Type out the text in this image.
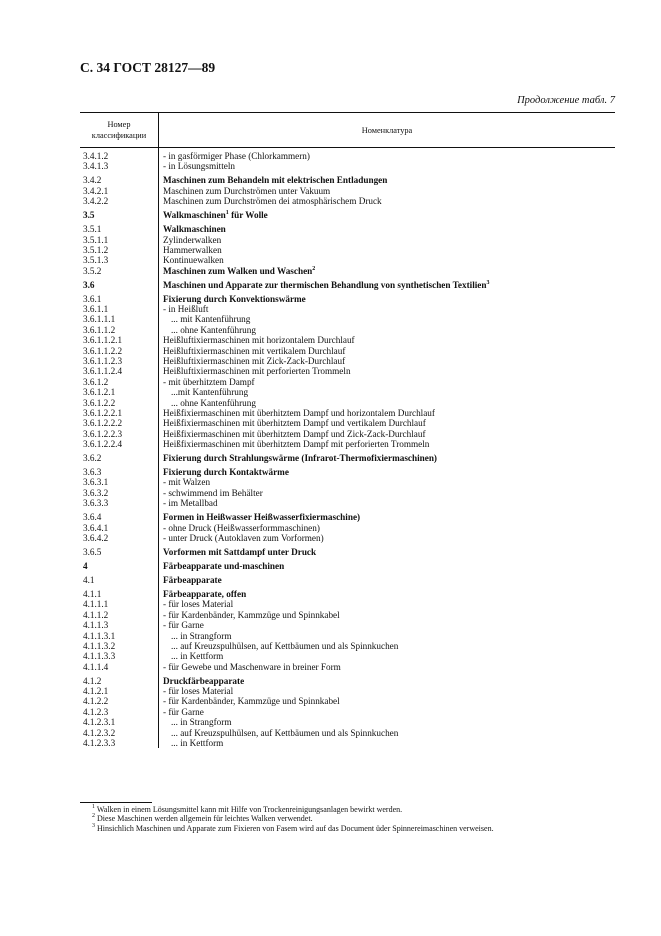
С. 34 ГОСТ 28127—89
Продолжение табл. 7
Номер
классификации
Номенклатура
3.4.1.2
3.4.1.3
3.4.2
3.4.2.1
3.4.2.2
3.5
3.5.1
3.5.1.1
3.5.1.2
3.5.1.3
3.5.2
3.6
3.6.1
3.6.1.1
3.6.1.1.1
3.6.1.1.2
3.6.1.1.2.1
3.6.1.1.2.2
3.6.1.1.2.3
3.6.1.1.2.4
3.6.1.2
3.6.1.2.1
3.6.1.2.2
3.6.1.2.2.1
3.6.1.2.2.2
3.6.1.2.2.3
3.6.1.2.2.4
3.6.2
3.6.3
3.6.3.1
3.6.3.2
3.6.3.3
3.6.4
3.6.4.1
3.6.4.2
3.6.5
4
4.1
4.1.1
4.1.1.1
4.1.1.2
4.1.1.3
4.1.1.3.1
4.1.1.3.2
4.1.1.3.3
4.1.1.4
4.1.2
4.1.2.1
4.1.2.2
4.1.2.3
4.1.2.3.1
4.1.2.3.2
4.1.2.3.3
- in gasförmiger Phase (Chlorkammern)
- in Lösungsmitteln
Maschinen zum Behandeln mit elektrischen Entladungen
Maschinen zum Durchströmen unter Vakuum
Maschinen zum Durchströmen dei atmosphärischem Druck
Walkmaschinen$^1$ für Wolle
Walkmaschinen
Zylinderwalken
Hammerwalken
Kontinuewalken
Maschinen zum Walken und Waschen$^2$
Maschinen und Apparate zur thermischen Behandlung von synthetischen Textilien$^3$
Fixierung durch Konvektionswärme
- in Heißluft
... mit Kantenführung
... ohne Kantenführung
Heißluftixiermaschinen mit horizontalem Durchlauf
Heißluftixiermaschinen mit vertikalem Durchlauf
Heißluftixiermaschinen mit Zick-Zack-Durchlauf
Heißluftixiermaschinen mit perforierten Trommeln
- mit überhitztem Dampf
...mit Kantenführung
... ohne Kantenführung
Heißfixiermaschinen mit überhitztem Dampf und horizontalem Durchlauf
Heißfixiermaschinen mit überhitztem Dampf und vertikalem Durchlauf
Heißfixiermaschinen mit überhitztem Dampf und Zick-Zack-Durchlauf
Heißfixiermaschinen mit überhitztem Dampf mit perforierten Trommeln
Fixierung durch Strahlungswärme (Infrarot-Thermofixiermaschinen)
Fixierung durch Kontaktwärme
- mit Walzen
- schwimmend im Behälter
- im Metallbad
Formen in Heißwasser Heißwasserfixiermaschine)
- ohne Druck (Heißwasserformmaschinen)
- unter Druck (Autoklaven zum Vorformen)
Vorformen mit Sattdampf unter Druck
Färbeapparate und-maschinen
Färbeapparate
Färbeapparate, offen
- für loses Material
- für Kardenbänder, Kammzüge und Spinnkabel
- für Garne
... in Strangform
... auf Kreuzspulhülsen, auf Kettbäumen und als Spinnkuchen
... in Kettform
- für Gewebe und Maschenware in breiner Form
Druckfärbeapparate
- für loses Material
- für Kardenbänder, Kammzüge und Spinnkabel
- für Garne
... in Strangform
... auf Kreuzspulhülsen, auf Kettbäumen und als Spinnkuchen
... in Kettform
$^1$ Walken in einem Lösungsmittel kann mit Hilfe von Trockenreinigungsanlagen bewirkt werden.
$^2$ Diese Maschinen werden allgemein für leichtes Walken verwendet.
$^3$ Hinsichlich Maschinen und Apparate zum Fixieren von Fasem wird auf das Document üder Spinnereimaschinen verweisen.
